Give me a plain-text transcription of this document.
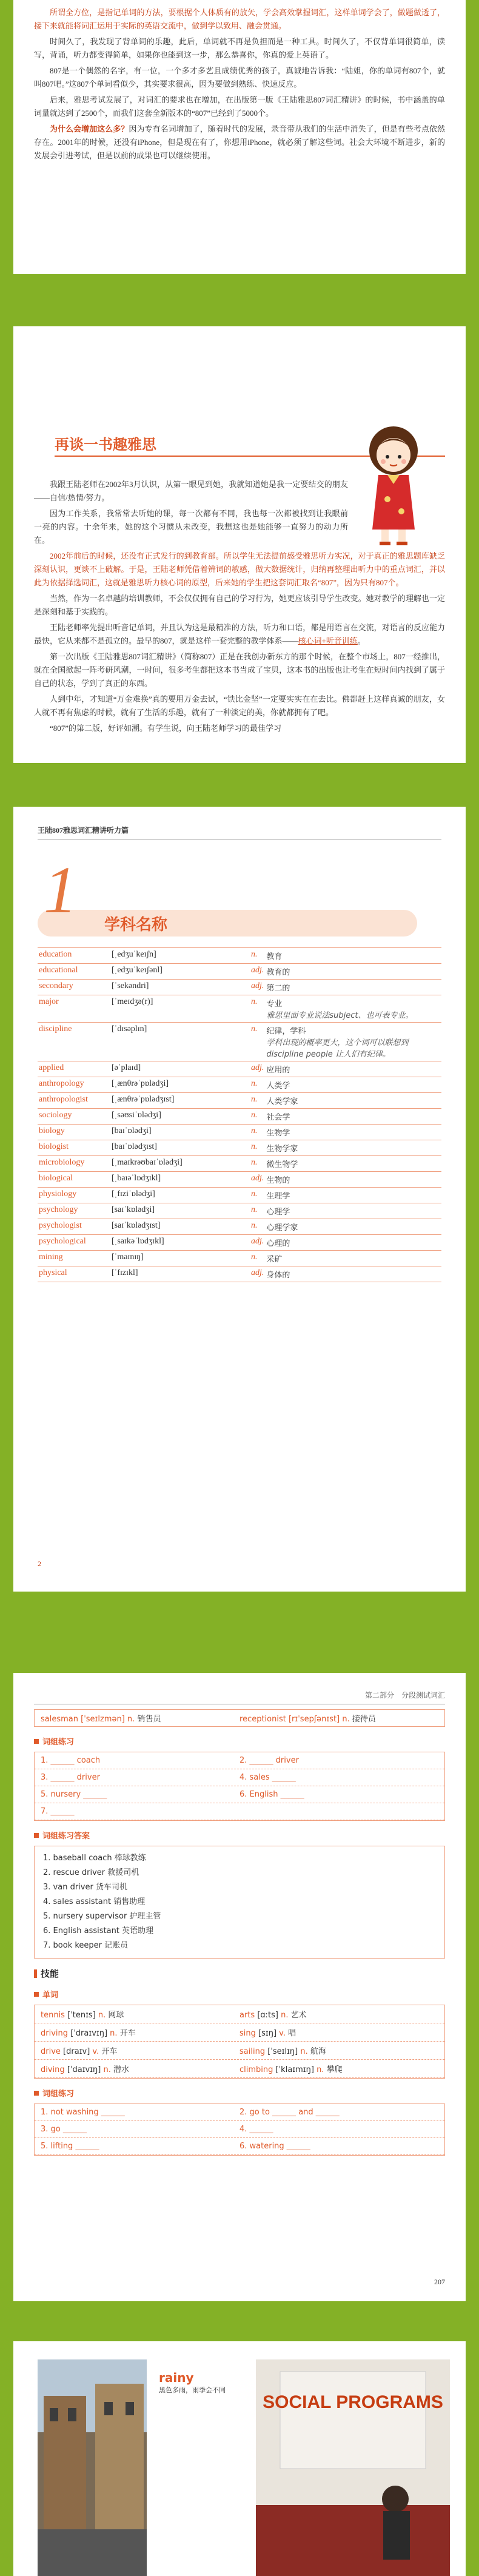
所谓全方位，是指记单词的方法，要根据个人体质有的放矢，学会高效掌握词汇，这样单词学会了，做题做透了，接下来就能将词汇运用于实际的英语交流中，做到学以致用、融会贯通。

时间久了，我发现了背单词的乐趣，此后，单词就不再是负担而是一种工具。时间久了，不仅背单词很简单，读写，背诵，听力都变得简单，如果你也能到这一步，那么恭喜你，你真的爱上英语了。

807是一个偶然的名字，有一位，一个多才多艺且成绩优秀的孩子，真诚地告诉我：“陆姐，你的单词有807个，就叫807吧。”这807个单词看似少，其实要求很高，因为要做到熟练、快速反应。

后来，雅思考试发展了，对词汇的要求也在增加，在出版第一版《王陆雅思807词汇精讲》的时候，书中涵盖的单词量就达到了2500个，而我们这套全新版本的“807”已经到了5000个。

为什么会增加这么多？因为专有名词增加了，随着时代的发展，录音带从我们的生活中消失了，但是有些考点依然存在。2001年的时候，还没有iPhone，但是现在有了，你想用iPhone，就必须了解这些词。社会大环境不断进步，新的发展会引进考试，但是以前的成果也可以继续使用。

再谈一书趣雅思

我跟王陆老师在2002年3月认识，从第一眼见到她，我就知道她是我一定要结交的朋友——自信/热情/努力。

因为工作关系，我常常去听她的课，每一次都有不同，我也每一次都被找到让我眼前一亮的内容。十余年来，她的这个习惯从未改变，我想这也是她能够一直努力的动力所在。

2002年前后的时候，还没有正式发行的到教育部。所以学生无法提前感受雅思听力实况，对于真正的雅思题库缺乏深刻认识，更谈不上破解。于是，王陆老师凭借着辨词的敏感，做大数据统计，归纳再整理出听力中的重点词汇，并以此为依据择选词汇，这就是雅思听力核心词的原型，后来她的学生把这套词汇取名“807”，因为只有807个。

当然，作为一名卓越的培训教师，不会仅仅拥有自己的学习行为，她更应该引导学生改变。她对教学的理解也一定是深刻和基于实践的。

王陆老师率先提出听音记单词，并且认为这是最精准的方法，听力和口语，都是用语言在交流，对语言的反应能力最快，它从来都不是孤立的。最早的807，就是这样一套完整的教学体系——核心词+听音训练。

第一次出版《王陆雅思807词汇精讲》（简称807）正是在我创办新东方的那个时候，在整个市场上，807一经推出，就在全国掀起一阵考研风潮，一时间，很多考生都把这本书当成了宝贝，这本书的出版也让考生在短时间内找到了属于自己的状态，学到了真正的东西。

人到中年，才知道“万金难换”真的要用万金去试，“铁比金坚”一定要实实在在去比。佛都赶上这样真诚的朋友，女人就不再有焦虑的时候，就有了生活的乐趣，就有了一种淡定的美，你就都拥有了吧。

“807”的第二版，好评如潮。有学生说，向王陆老师学习的最佳学习

王陆807雅思词汇精讲听力篇
1 学科名称
education	[ˌedʒuˈkeɪʃn]	n.	教育

educational	[ˌedʒuˈkeɪʃənl]	adj.	教育的

secondary	[ˈsekəndri]	adj.	第二的

major	[ˈmeɪdʒə(r)]	n.	专业
雅思里面专业说法subject、也可表专业。

discipline	[ˈdɪsəplɪn]	n.	纪律，学科
学科出现的概率更大，这个词可以联想到 discipline people 让人们有纪律。

applied	[əˈplaɪd]	adj.	应用的

anthropology	[ˌænθrəˈpɒlədʒi]	n.	人类学

anthropologist	[ˌænθrəˈpɒlədʒɪst]	n.	人类学家

sociology	[ˌsəʊsiˈɒlədʒi]	n.	社会学

biology	[baɪˈɒlədʒi]	n.	生物学

biologist	[baɪˈɒlədʒɪst]	n.	生物学家

microbiology	[ˌmaɪkrəʊbaɪˈɒlədʒi]	n.	微生物学

biological	[ˌbaɪəˈlɒdʒɪkl]	adj.	生物的

physiology	[ˌfɪziˈɒlədʒi]	n.	生理学

psychology	[saɪˈkɒlədʒi]	n.	心理学

psychologist	[saɪˈkɒlədʒɪst]	n.	心理学家

psychological	[ˌsaɪkəˈlɒdʒɪkl]	adj.	心理的

mining	[ˈmaɪnɪŋ]	n.	采矿

physical	[ˈfɪzɪkl]	adj.	身体的
2
第二部分　分段测试词汇
salesman [ˈseɪlzmən] n. 销售员	receptionist [rɪˈsepʃənɪst] n. 接待员
词组练习
1. ______ coach	2. ______ driver
3. ______ driver	4. sales ______
5. nursery ______	6. English ______
7. ______
词组练习答案
1. baseball coach 棒球教练
2. rescue driver 救援司机
3. van driver 货车司机
4. sales assistant 销售助理
5. nursery supervisor 护理主管
6. English assistant 英语助理
7. book keeper 记账员
技能
单词
tennis [ˈtenɪs] n. 网球	arts [ɑːts] n. 艺术
driving [ˈdraɪvɪŋ] n. 开车	sing [sɪŋ] v. 唱
drive [draɪv] v. 开车	sailing [ˈseɪlɪŋ] n. 航海
diving [ˈdaɪvɪŋ] n. 潜水	climbing [ˈklaɪmɪŋ] n. 攀爬
词组练习
1. not washing ______	2. go to ______ and ______
3. go ______	4. ______
5. lifting ______	6. watering ______
207
rainy
黑色多雨，雨季会不同
SOCIAL PROGRAMS
